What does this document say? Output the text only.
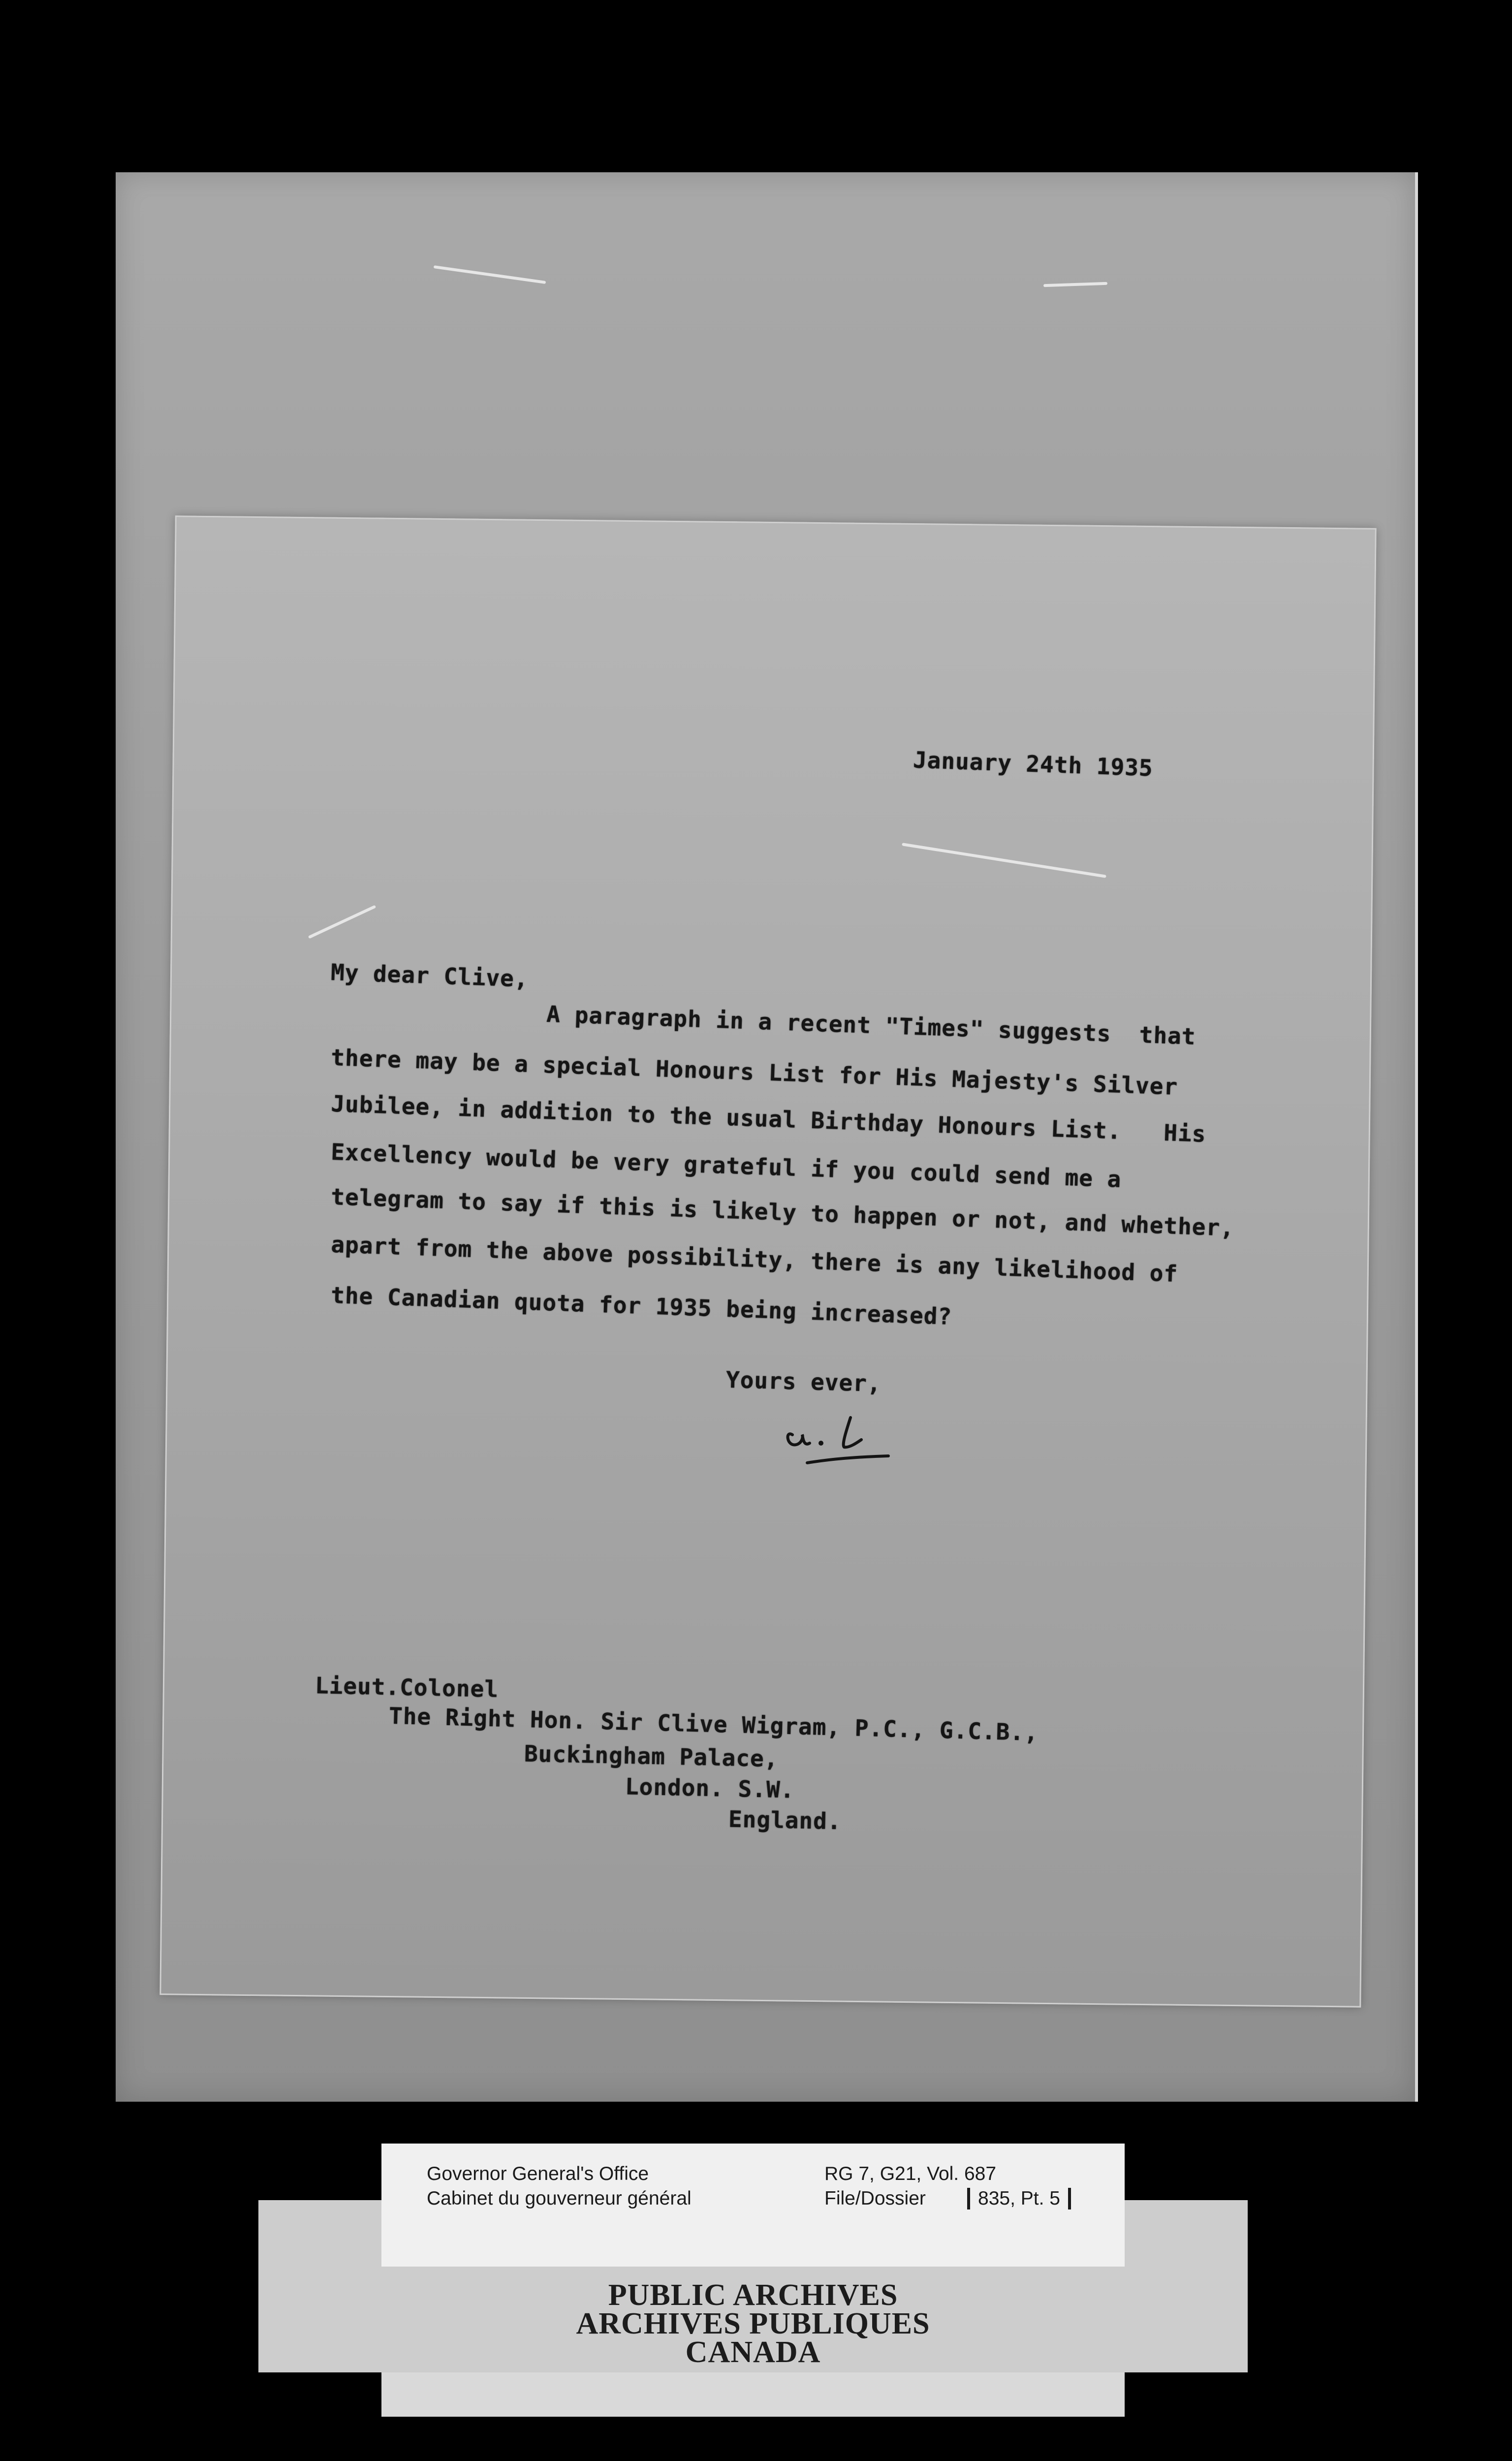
January 24th 1935
My dear Clive,
A paragraph in a recent "Times" suggests  that
there may be a special Honours List for His Majesty's Silver
Jubilee, in addition to the usual Birthday Honours List.   His
Excellency would be very grateful if you could send me a
telegram to say if this is likely to happen or not, and whether,
apart from the above possibility, there is any likelihood of
the Canadian quota for 1935 being increased?
Yours ever,
Lieut.Colonel
The Right Hon. Sir Clive Wigram, P.C., G.C.B.,
Buckingham Palace,
London. S.W.
England.
Governor General's Office
Cabinet du gouverneur général
RG 7, G21, Vol. 687
File/Dossier	835, Pt. 5
PUBLIC ARCHIVES
ARCHIVES PUBLIQUES
CANADA
